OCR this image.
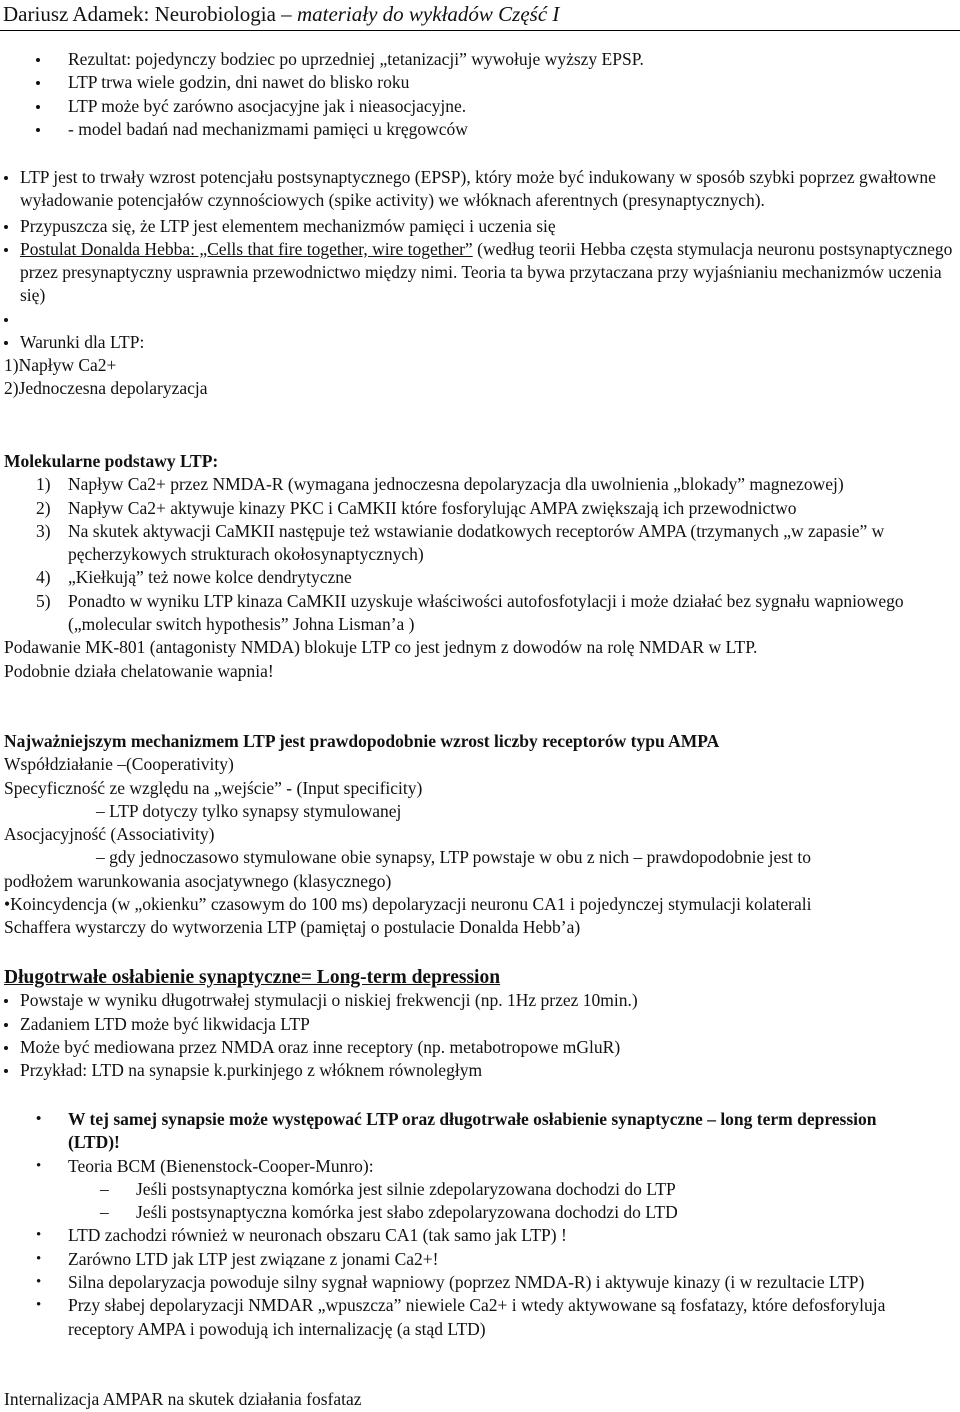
Dariusz Adamek: Neurobiologia – materiały do wykładów Część I
Rezultat: pojedynczy bodziec po uprzedniej „tetanizacji” wywołuje wyższy EPSP.
LTP trwa wiele godzin, dni nawet do blisko roku
LTP może być zarówno asocjacyjne jak i nieasocjacyjne.
- model badań nad mechanizmami pamięci u kręgowców
LTP jest to trwały wzrost potencjału postsynaptycznego (EPSP), który może być indukowany w sposób szybki poprzez gwałtowne wyładowanie potencjałów czynnościowych (spike activity) we włóknach aferentnych (presynaptycznych).
Przypuszcza się, że LTP jest elementem mechanizmów pamięci i uczenia się
Postulat Donalda Hebba: „Cells that fire together, wire together” (według teorii Hebba częsta stymulacja neuronu postsynaptycznego przez presynaptyczny usprawnia przewodnictwo między nimi. Teoria ta bywa przytaczana przy wyjaśnianiu mechanizmów uczenia się)
Warunki dla LTP:
1)Napływ Ca2+
2)Jednoczesna depolaryzacja
Molekularne podstawy LTP:
1) Napływ Ca2+ przez NMDA-R (wymagana jednoczesna depolaryzacja dla uwolnienia „blokady” magnezowej)
2) Napływ Ca2+ aktywuje kinazy PKC i CaMKII które fosforylując AMPA zwiększają ich przewodnictwo
3) Na skutek aktywacji CaMKII następuje też wstawianie dodatkowych receptorów AMPA (trzymanych „w zapasie” w pęcherzykowych strukturach okołosynaptycznych)
4) „Kiełkują” też nowe kolce dendrytyczne
5) Ponadto w wyniku LTP kinaza CaMKII uzyskuje właściwości autofosfotylacji i może działać bez sygnału wapniowego („molecular switch hypothesis” Johna Lisman’a )
Podawanie MK-801 (antagonisty NMDA) blokuje LTP co jest jednym z dowodów na rolę NMDAR w LTP.
Podobnie działa chelatowanie wapnia!
Najważniejszym mechanizmem LTP jest prawdopodobnie wzrost liczby receptorów typu AMPA
Współdziałanie –(Cooperativity)
Specyficzność ze względu na „wejście” - (Input specificity)
– LTP dotyczy tylko synapsy stymulowanej
Asocjacyjność (Associativity)
– gdy jednoczasowo stymulowane obie synapsy, LTP powstaje w obu z nich – prawdopodobnie jest to
podłożem warunkowania asocjatywnego (klasycznego)
•Koincydencja (w „okienku” czasowym do 100 ms) depolaryzacji neuronu CA1 i pojedynczej stymulacji kolaterali
Schaffera wystarczy do wytworzenia LTP (pamiętaj o postulacie Donalda Hebb’a)
Długotrwałe osłabienie synaptyczne= Long-term depression
Powstaje w wyniku długotrwałej stymulacji o niskiej frekwencji (np. 1Hz przez 10min.)
Zadaniem LTD może być likwidacja LTP
Może być mediowana przez NMDA oraz inne receptory (np. metabotropowe mGluR)
Przykład: LTD na synapsie k.purkinjego z włóknem równoległym
• W tej samej synapsie może występować LTP oraz długotrwałe osłabienie synaptyczne – long term depression (LTD)!
• Teoria BCM (Bienenstock-Cooper-Munro):
– Jeśli postsynaptyczna komórka jest silnie zdepolaryzowana dochodzi do LTP
– Jeśli postsynaptyczna komórka jest słabo zdepolaryzowana dochodzi do LTD
• LTD zachodzi również w neuronach obszaru CA1 (tak samo jak LTP) !
• Zarówno LTD jak LTP jest związane z jonami Ca2+!
• Silna depolaryzacja powoduje silny sygnał wapniowy (poprzez NMDA-R) i aktywuje kinazy (i w rezultacie LTP)
• Przy słabej depolaryzacji NMDAR „wpuszcza” niewiele Ca2+ i wtedy aktywowane są fosfatazy, które defosforyluja receptory AMPA i powodują ich internalizację (a stąd LTD)
Internalizacja AMPAR na skutek działania fosfataz
